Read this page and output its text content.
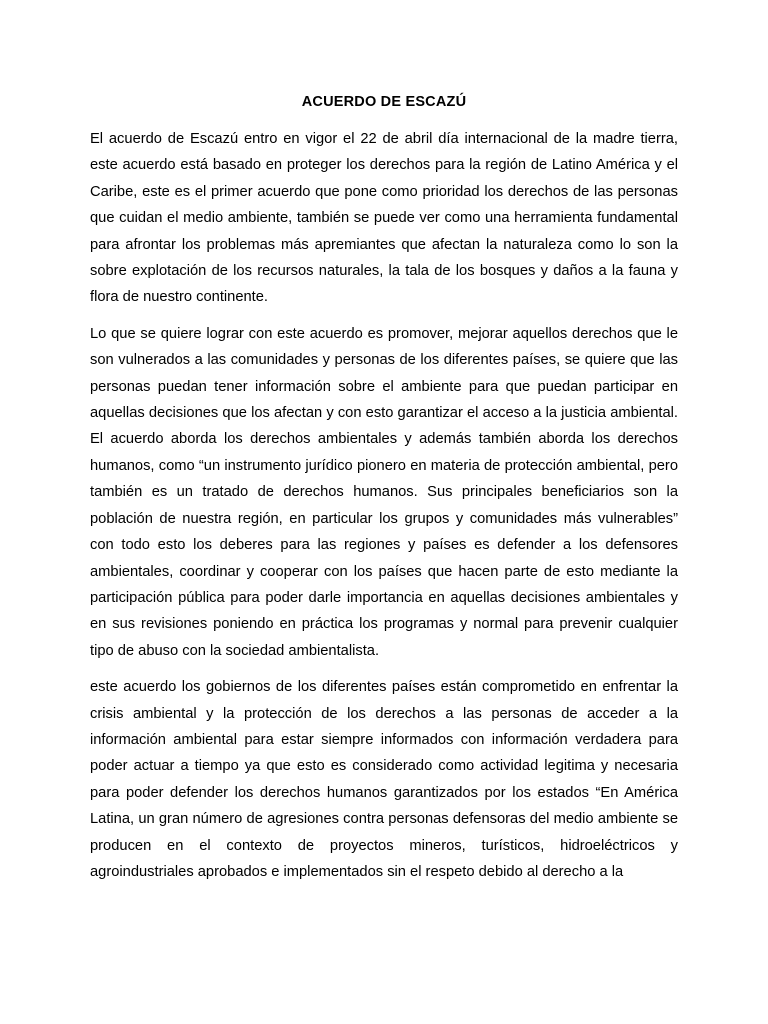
ACUERDO DE ESCAZÚ

El acuerdo de Escazú entro en vigor el 22 de abril día internacional de la madre tierra, este acuerdo está basado en proteger los derechos para la región de Latino América y el Caribe, este es el primer acuerdo que pone como prioridad los derechos de las personas que cuidan el medio ambiente, también se puede ver como una herramienta fundamental para afrontar los problemas más apremiantes que afectan la naturaleza como lo son la sobre explotación de los recursos naturales, la tala de los bosques y daños a la fauna y flora de nuestro continente.

Lo que se quiere lograr con este acuerdo es promover, mejorar aquellos derechos que le son vulnerados a las comunidades y personas de los diferentes países, se quiere que las personas puedan tener información sobre el ambiente para que puedan participar en aquellas decisiones que los afectan y con esto garantizar el acceso a la justicia ambiental. El acuerdo aborda los derechos ambientales y además también aborda los derechos humanos, como “un instrumento jurídico pionero en materia de protección ambiental, pero también es un tratado de derechos humanos. Sus principales beneficiarios son la población de nuestra región, en particular los grupos y comunidades más vulnerables” con todo esto los deberes para las regiones y países es defender a los defensores ambientales, coordinar y cooperar con los países que hacen parte de esto mediante la participación pública para poder darle importancia en aquellas decisiones ambientales y en sus revisiones poniendo en práctica los programas y normal para prevenir cualquier tipo de abuso con la sociedad ambientalista.

este acuerdo los gobiernos de los diferentes países están comprometido en enfrentar la crisis ambiental y la protección de los derechos a las personas de acceder a la información ambiental para estar siempre informados con información verdadera para poder actuar a tiempo ya que esto es considerado como actividad legitima y necesaria para poder defender los derechos humanos garantizados por los estados “En América Latina, un gran número de agresiones contra personas defensoras del medio ambiente se producen en el contexto de proyectos mineros, turísticos, hidroeléctricos y agroindustriales aprobados e implementados sin el respeto debido al derecho a la
